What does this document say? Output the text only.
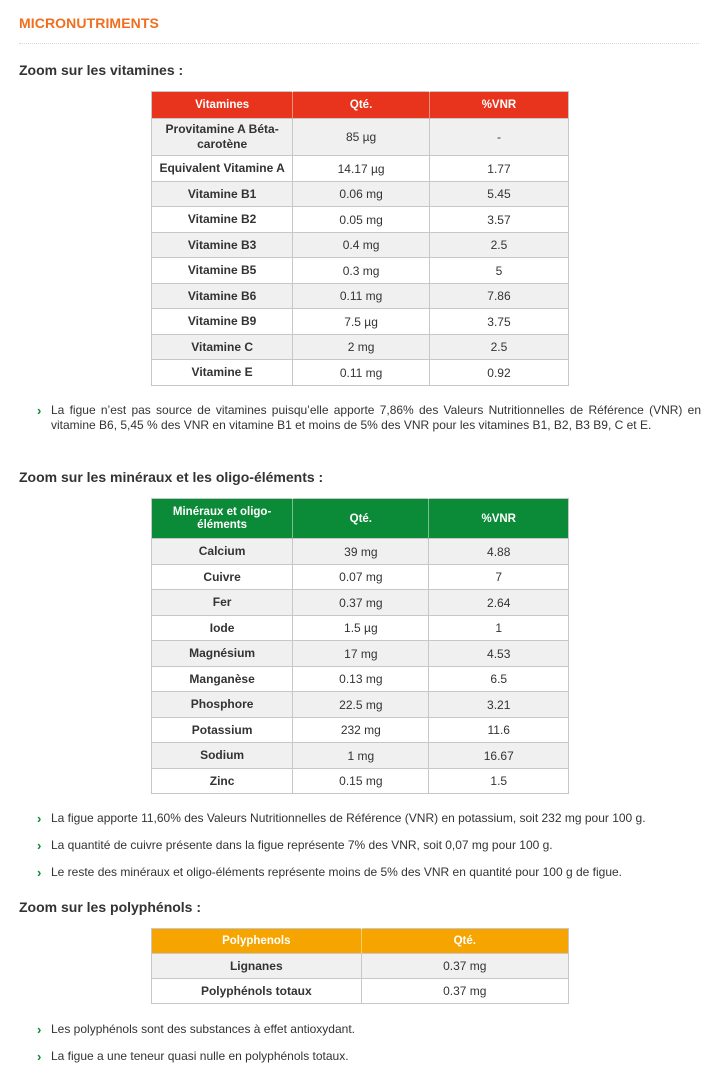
MICRONUTRIMENTS
Zoom sur les vitamines :
Vitamines	Qté.	%VNR
Provitamine A Béta-carotène	85 µg	-
Equivalent Vitamine A	14.17 µg	1.77
Vitamine B1	0.06 mg	5.45
Vitamine B2	0.05 mg	3.57
Vitamine B3	0.4 mg	2.5
Vitamine B5	0.3 mg	5
Vitamine B6	0.11 mg	7.86
Vitamine B9	7.5 µg	3.75
Vitamine C	2 mg	2.5
Vitamine E	0.11 mg	0.92
› La figue n’est pas source de vitamines puisqu’elle apporte 7,86% des Valeurs Nutritionnelles de Référence (VNR) en vitamine B6, 5,45 % des VNR en vitamine B1 et moins de 5% des VNR pour les vitamines B1, B2, B3 B9, C et E.
Zoom sur les minéraux et les oligo-éléments :
Minéraux et oligo-éléments	Qté.	%VNR
Calcium	39 mg	4.88
Cuivre	0.07 mg	7
Fer	0.37 mg	2.64
Iode	1.5 µg	1
Magnésium	17 mg	4.53
Manganèse	0.13 mg	6.5
Phosphore	22.5 mg	3.21
Potassium	232 mg	11.6
Sodium	1 mg	16.67
Zinc	0.15 mg	1.5
› La figue apporte 11,60% des Valeurs Nutritionnelles de Référence (VNR) en potassium, soit 232 mg pour 100 g.
› La quantité de cuivre présente dans la figue représente 7% des VNR, soit 0,07 mg pour 100 g.
› Le reste des minéraux et oligo-éléments représente moins de 5% des VNR en quantité pour 100 g de figue.
Zoom sur les polyphénols :
Polyphenols	Qté.
Lignanes	0.37 mg
Polyphénols totaux	0.37 mg
› Les polyphénols sont des substances à effet antioxydant.
› La figue a une teneur quasi nulle en polyphénols totaux.
